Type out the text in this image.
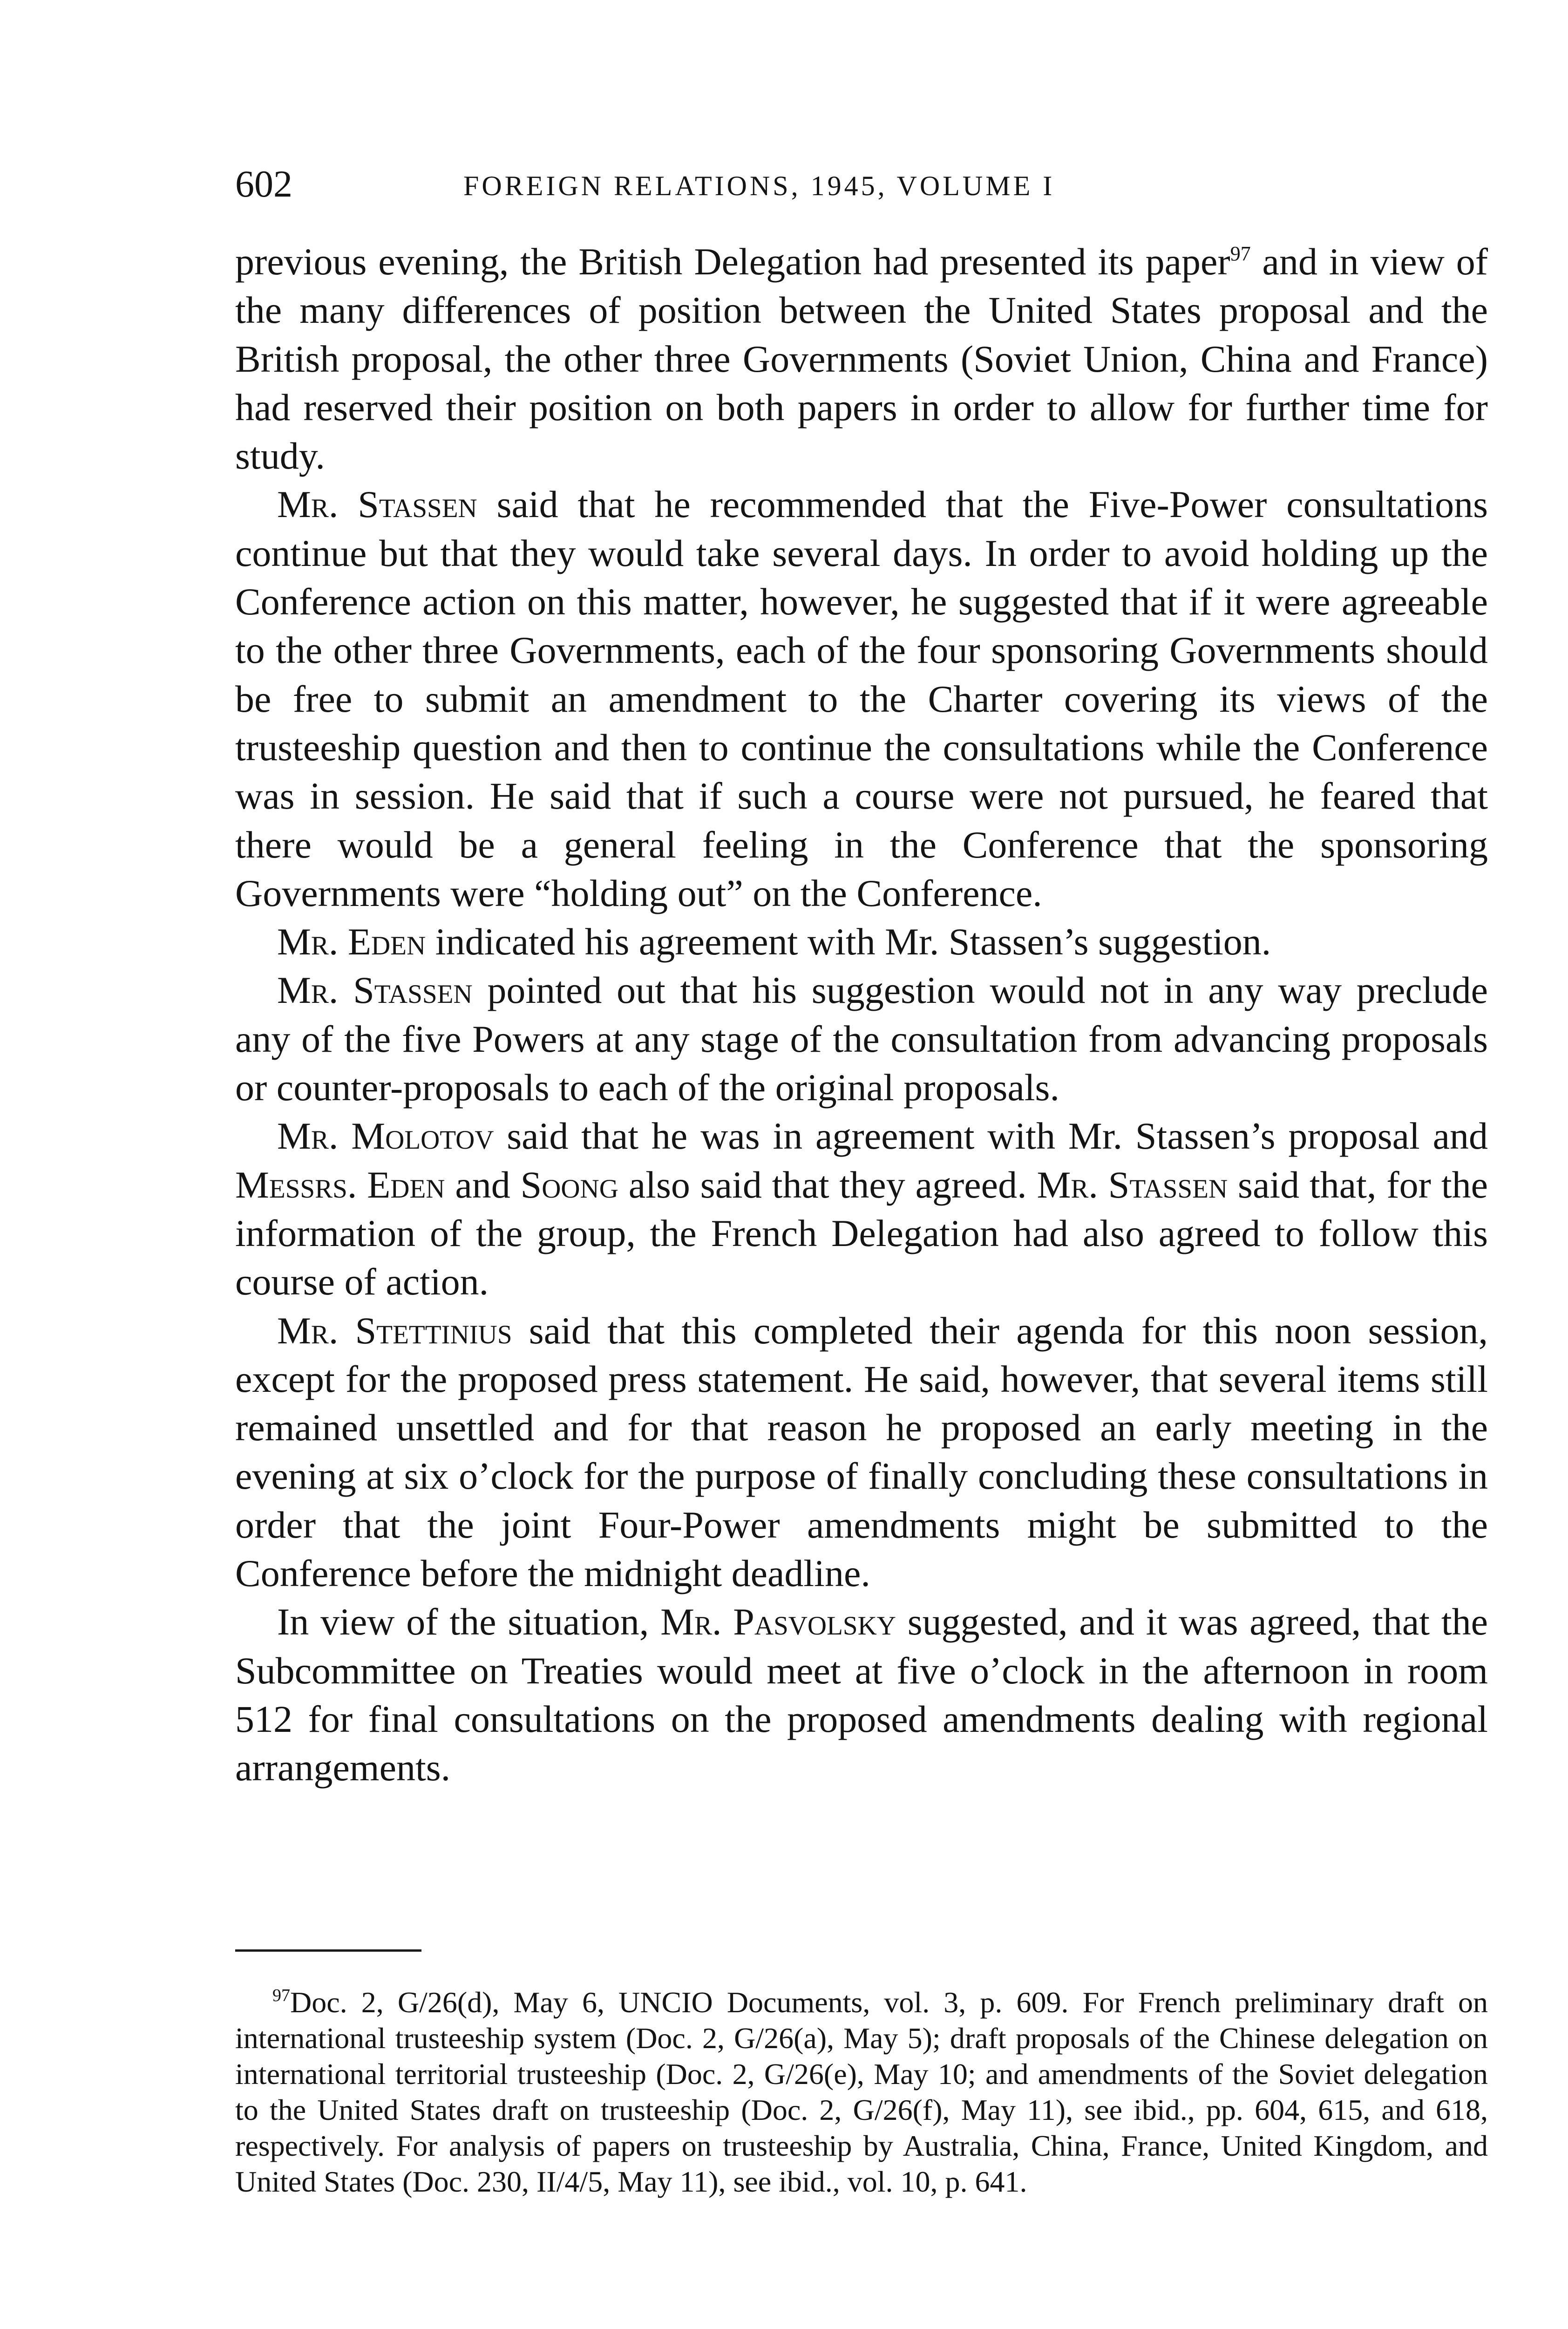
602	FOREIGN RELATIONS, 1945, VOLUME I

previous evening, the British Delegation had presented its paper$^{97}$ and in view of the many differences of position between the United States proposal and the British proposal, the other three Governments (Soviet Union, China and France) had reserved their position on both papers in order to allow for further time for study.

Mr. Stassen said that he recommended that the Five-Power consultations continue but that they would take several days. In order to avoid holding up the Conference action on this matter, however, he suggested that if it were agreeable to the other three Governments, each of the four sponsoring Governments should be free to submit an amendment to the Charter covering its views of the trusteeship question and then to continue the consultations while the Conference was in session. He said that if such a course were not pursued, he feared that there would be a general feeling in the Conference that the sponsoring Governments were “holding out” on the Conference.

Mr. Eden indicated his agreement with Mr. Stassen’s suggestion.

Mr. Stassen pointed out that his suggestion would not in any way preclude any of the five Powers at any stage of the consultation from advancing proposals or counter-proposals to each of the original proposals.

Mr. Molotov said that he was in agreement with Mr. Stassen’s proposal and Messrs. Eden and Soong also said that they agreed. Mr. Stassen said that, for the information of the group, the French Delegation had also agreed to follow this course of action.

Mr. Stettinius said that this completed their agenda for this noon session, except for the proposed press statement. He said, however, that several items still remained unsettled and for that reason he proposed an early meeting in the evening at six o’clock for the purpose of finally concluding these consultations in order that the joint Four-Power amendments might be submitted to the Conference before the midnight deadline.

In view of the situation, Mr. Pasvolsky suggested, and it was agreed, that the Subcommittee on Treaties would meet at five o’clock in the afternoon in room 512 for final consultations on the proposed amendments dealing with regional arrangements.

$^{97}$Doc. 2, G/26(d), May 6, UNCIO Documents, vol. 3, p. 609. For French preliminary draft on international trusteeship system (Doc. 2, G/26(a), May 5); draft proposals of the Chinese delegation on international territorial trusteeship (Doc. 2, G/26(e), May 10; and amendments of the Soviet delegation to the United States draft on trusteeship (Doc. 2, G/26(f), May 11), see ibid., pp. 604, 615, and 618, respectively. For analysis of papers on trusteeship by Australia, China, France, United Kingdom, and United States (Doc. 230, II/4/5, May 11), see ibid., vol. 10, p. 641.
